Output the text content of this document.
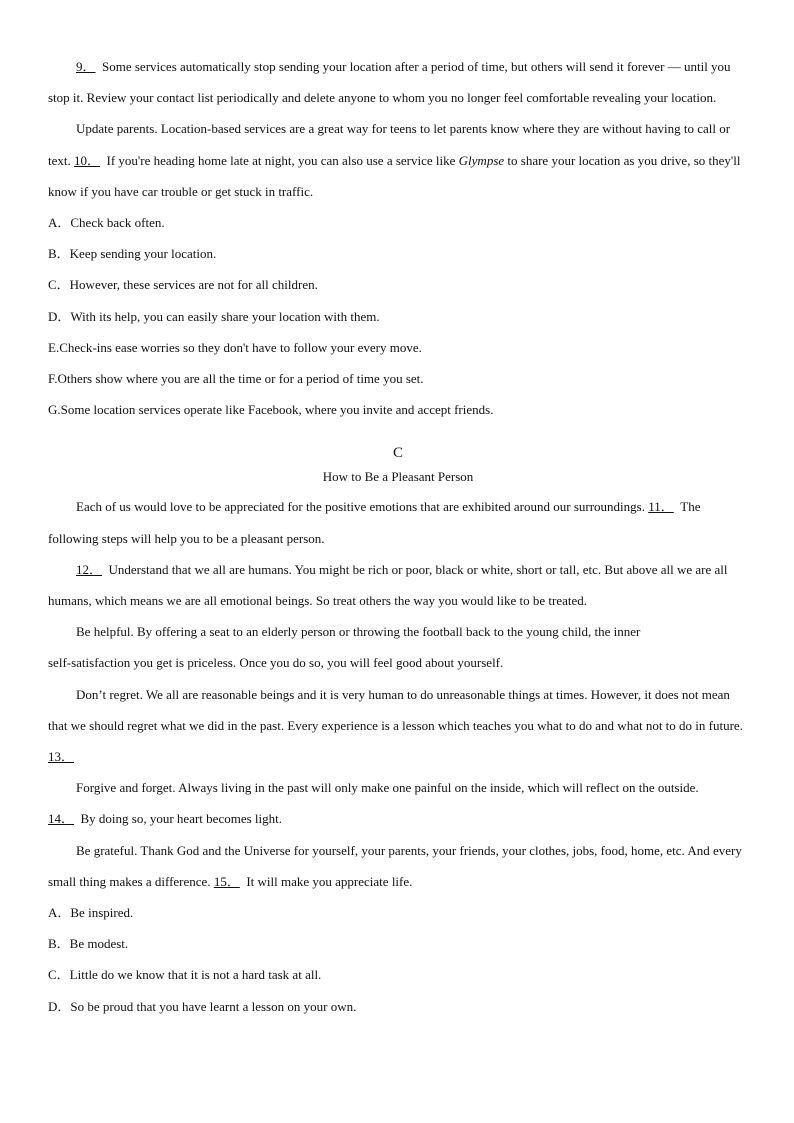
9． Some services automatically stop sending your location after a period of time, but others will send it forever — until you stop it. Review your contact list periodically and delete anyone to whom you no longer feel comfortable revealing your location.

Update parents. Location-based services are a great way for teens to let parents know where they are without having to call or text. 10． If you're heading home late at night, you can also use a service like Glympse to share your location as you drive, so they'll know if you have car trouble or get stuck in traffic.

A．Check back often.

B．Keep sending your location.

C．However, these services are not for all children.

D．With its help, you can easily share your location with them.

E.Check-ins ease worries so they don't have to follow your every move.

F.Others show where you are all the time or for a period of time you set.

G.Some location services operate like Facebook, where you invite and accept friends.

C

How to Be a Pleasant Person

Each of us would love to be appreciated for the positive emotions that are exhibited around our surroundings. 11． The following steps will help you to be a pleasant person.

12． Understand that we all are humans. You might be rich or poor, black or white, short or tall, etc. But above all we are all humans, which means we are all emotional beings. So treat others the way you would like to be treated.

Be helpful. By offering a seat to an elderly person or throwing the football back to the young child, the inner

self-satisfaction you get is priceless. Once you do so, you will feel good about yourself.

Don’t regret. We all are reasonable beings and it is very human to do unreasonable things at times. However, it does not mean that we should regret what we did in the past. Every experience is a lesson which teaches you what to do and what not to do in future. 13．

Forgive and forget. Always living in the past will only make one painful on the inside, which will reflect on the outside. 14． By doing so, your heart becomes light.

Be grateful. Thank God and the Universe for yourself, your parents, your friends, your clothes, jobs, food, home, etc. And every small thing makes a difference. 15． It will make you appreciate life.

A．Be inspired.

B．Be modest.

C．Little do we know that it is not a hard task at all.

D．So be proud that you have learnt a lesson on your own.
